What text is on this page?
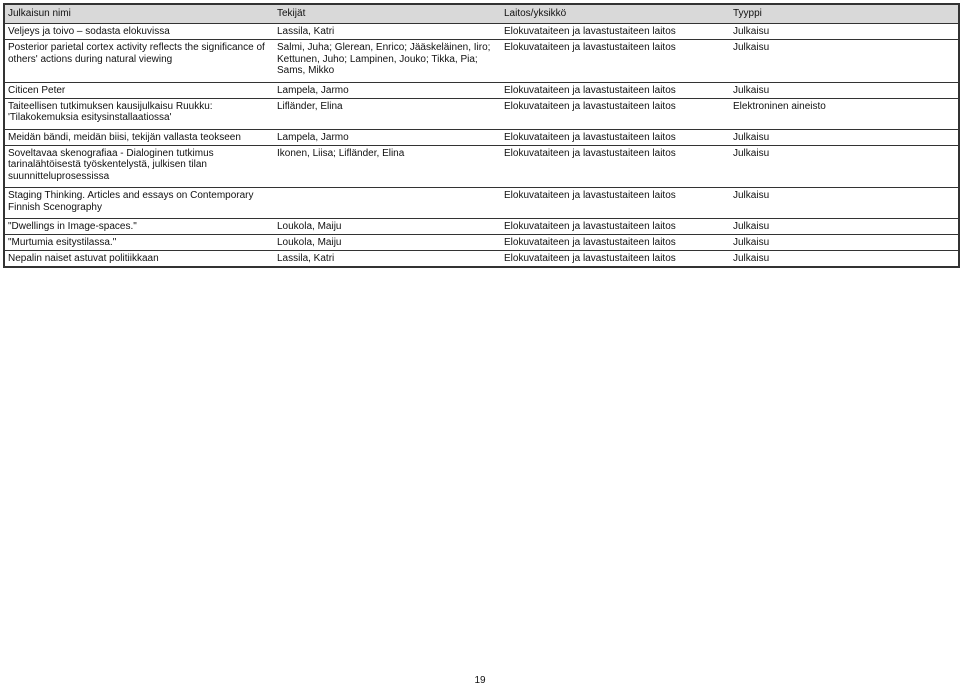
Julkaisun nimi	Tekijät	Laitos/yksikkö	Tyyppi
Veljeys ja toivo – sodasta elokuvissa	Lassila, Katri	Elokuvataiteen ja lavastustaiteen laitos	Julkaisu
Posterior parietal cortex activity reflects the significance of others' actions during natural viewing	Salmi, Juha; Glerean, Enrico; Jääskeläinen, Iiro; Kettunen, Juho; Lampinen, Jouko; Tikka, Pia; Sams, Mikko	Elokuvataiteen ja lavastustaiteen laitos	Julkaisu
Citicen Peter	Lampela, Jarmo	Elokuvataiteen ja lavastustaiteen laitos	Julkaisu
Taiteellisen tutkimuksen kausijulkaisu Ruukku: 'Tilakokemuksia esitysinstallaatiossa'	Lifländer, Elina	Elokuvataiteen ja lavastustaiteen laitos	Elektroninen aineisto
Meidän bändi, meidän biisi, tekijän vallasta teokseen	Lampela, Jarmo	Elokuvataiteen ja lavastustaiteen laitos	Julkaisu
Soveltavaa skenografiaa - Dialoginen tutkimus tarinalähtöisestä työskentelystä, julkisen tilan suunnitteluprosessissa	Ikonen, Liisa; Lifländer, Elina	Elokuvataiteen ja lavastustaiteen laitos	Julkaisu
Staging Thinking. Articles and essays on Contemporary Finnish Scenography		Elokuvataiteen ja lavastustaiteen laitos	Julkaisu
"Dwellings in Image-spaces."	Loukola, Maiju	Elokuvataiteen ja lavastustaiteen laitos	Julkaisu
"Murtumia esitystilassa."	Loukola, Maiju	Elokuvataiteen ja lavastustaiteen laitos	Julkaisu
Nepalin naiset astuvat politiikkaan	Lassila, Katri	Elokuvataiteen ja lavastustaiteen laitos	Julkaisu
19
